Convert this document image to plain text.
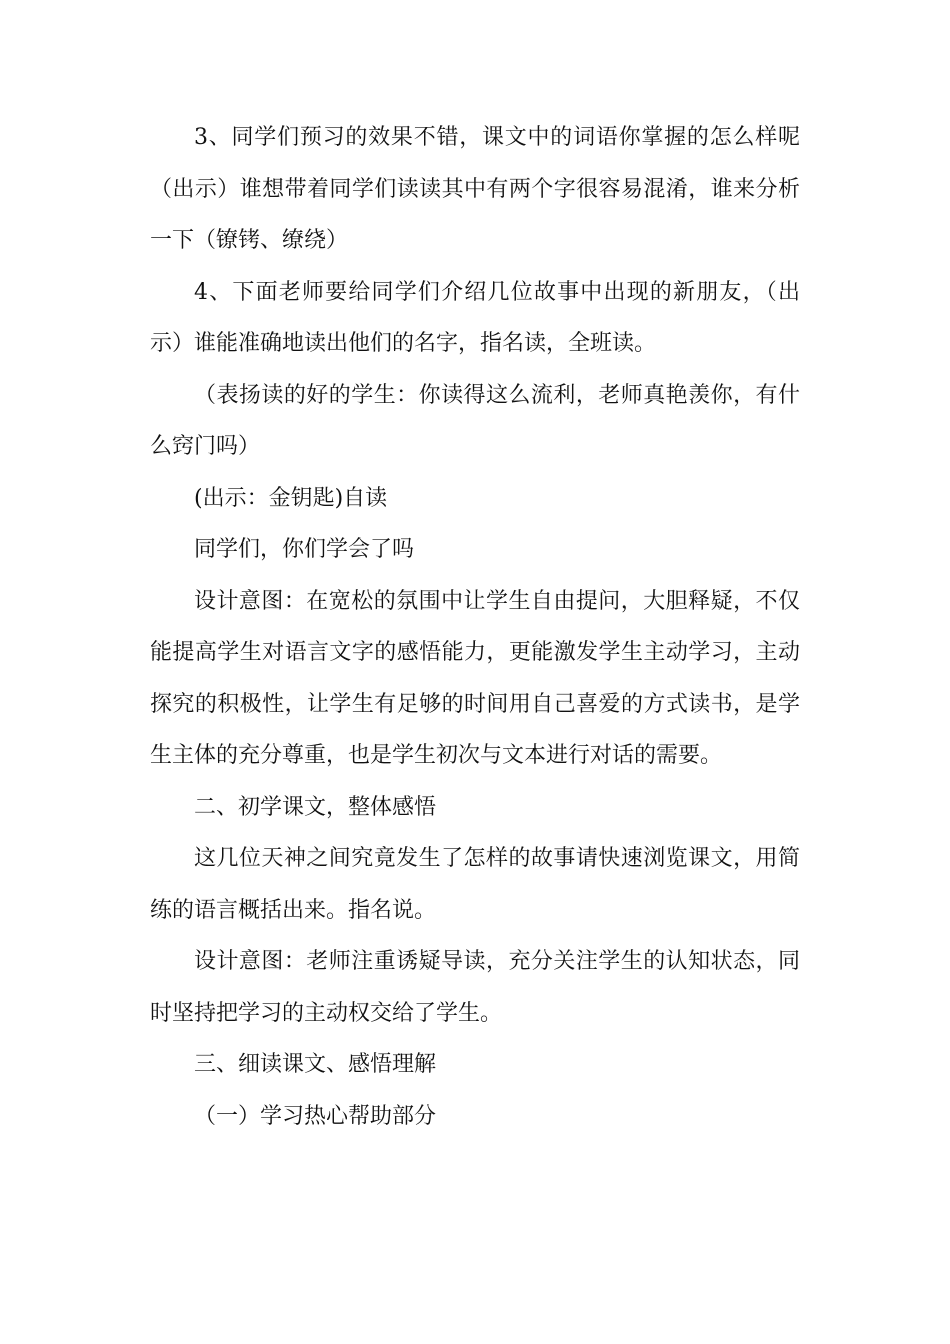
3、同学们预习的效果不错，课文中的词语你掌握的怎么样呢（出示）谁想带着同学们读读其中有两个字很容易混淆，谁来分析一下（镣铐、缭绕）

4、下面老师要给同学们介绍几位故事中出现的新朋友，（出示）谁能准确地读出他们的名字，指名读，全班读。

（表扬读的好的学生：你读得这么流利，老师真艳羡你，有什么窍门吗）

(出示：金钥匙)自读

同学们，你们学会了吗

设计意图：在宽松的氛围中让学生自由提问，大胆释疑，不仅能提高学生对语言文字的感悟能力，更能激发学生主动学习，主动探究的积极性，让学生有足够的时间用自己喜爱的方式读书，是学生主体的充分尊重，也是学生初次与文本进行对话的需要。

二、初学课文，整体感悟

这几位天神之间究竟发生了怎样的故事请快速浏览课文，用简练的语言概括出来。指名说。

设计意图：老师注重诱疑导读，充分关注学生的认知状态，同时坚持把学习的主动权交给了学生。

三、细读课文、感悟理解

（一）学习热心帮助部分
